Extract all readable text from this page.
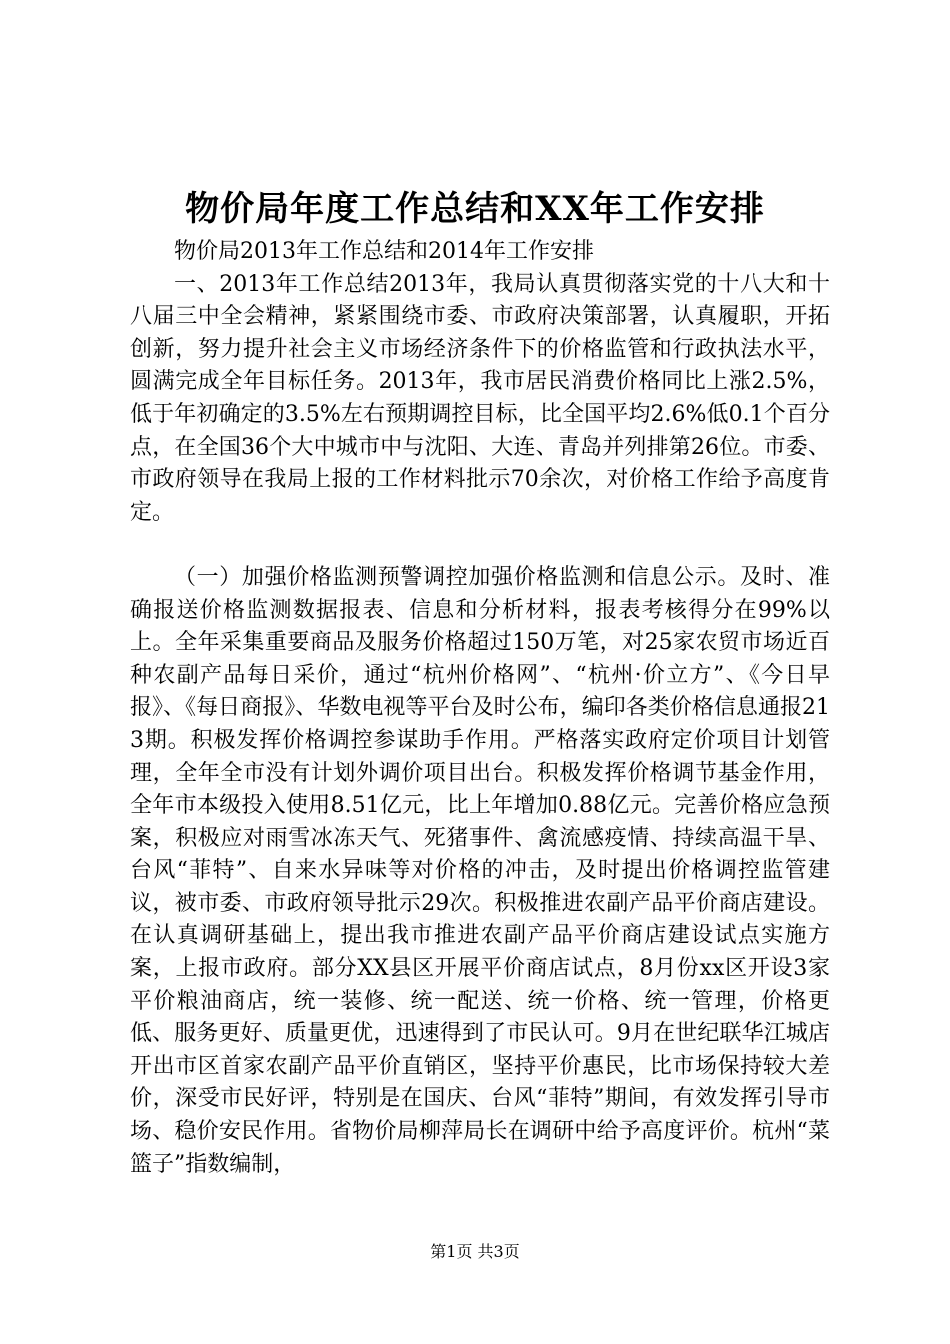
物价局年度工作总结和XX年工作安排

物价局2013年工作总结和2014年工作安排

一、2013年工作总结2013年，我局认真贯彻落实党的十八大和十八届三中全会精神，紧紧围绕市委、市政府决策部署，认真履职，开拓创新，努力提升社会主义市场经济条件下的价格监管和行政执法水平，圆满完成全年目标任务。2013年，我市居民消费价格同比上涨2.5%，低于年初确定的3.5%左右预期调控目标，比全国平均2.6%低0.1个百分点，在全国36个大中城市中与沈阳、大连、青岛并列排第26位。市委、市政府领导在我局上报的工作材料批示70余次，对价格工作给予高度肯定。

（一）加强价格监测预警调控加强价格监测和信息公示。及时、准确报送价格监测数据报表、信息和分析材料，报表考核得分在99%以上。全年采集重要商品及服务价格超过150万笔，对25家农贸市场近百种农副产品每日采价，通过“杭州价格网”、“杭州·价立方”、《今日早报》、《每日商报》、华数电视等平台及时公布，编印各类价格信息通报213期。积极发挥价格调控参谋助手作用。严格落实政府定价项目计划管理，全年全市没有计划外调价项目出台。积极发挥价格调节基金作用，全年市本级投入使用8.51亿元，比上年增加0.88亿元。完善价格应急预案，积极应对雨雪冰冻天气、死猪事件、禽流感疫情、持续高温干旱、台风“菲特”、自来水异味等对价格的冲击，及时提出价格调控监管建议，被市委、市政府领导批示29次。积极推进农副产品平价商店建设。在认真调研基础上，提出我市推进农副产品平价商店建设试点实施方案，上报市政府。部分XX县区开展平价商店试点，8月份xx区开设3家平价粮油商店，统一装修、统一配送、统一价格、统一管理，价格更低、服务更好、质量更优，迅速得到了市民认可。9月在世纪联华江城店开出市区首家农副产品平价直销区，坚持平价惠民，比市场保持较大差价，深受市民好评，特别是在国庆、台风“菲特”期间，有效发挥引导市场、稳价安民作用。省物价局柳萍局长在调研中给予高度评价。杭州“菜篮子”指数编制，

第1页 共3页
